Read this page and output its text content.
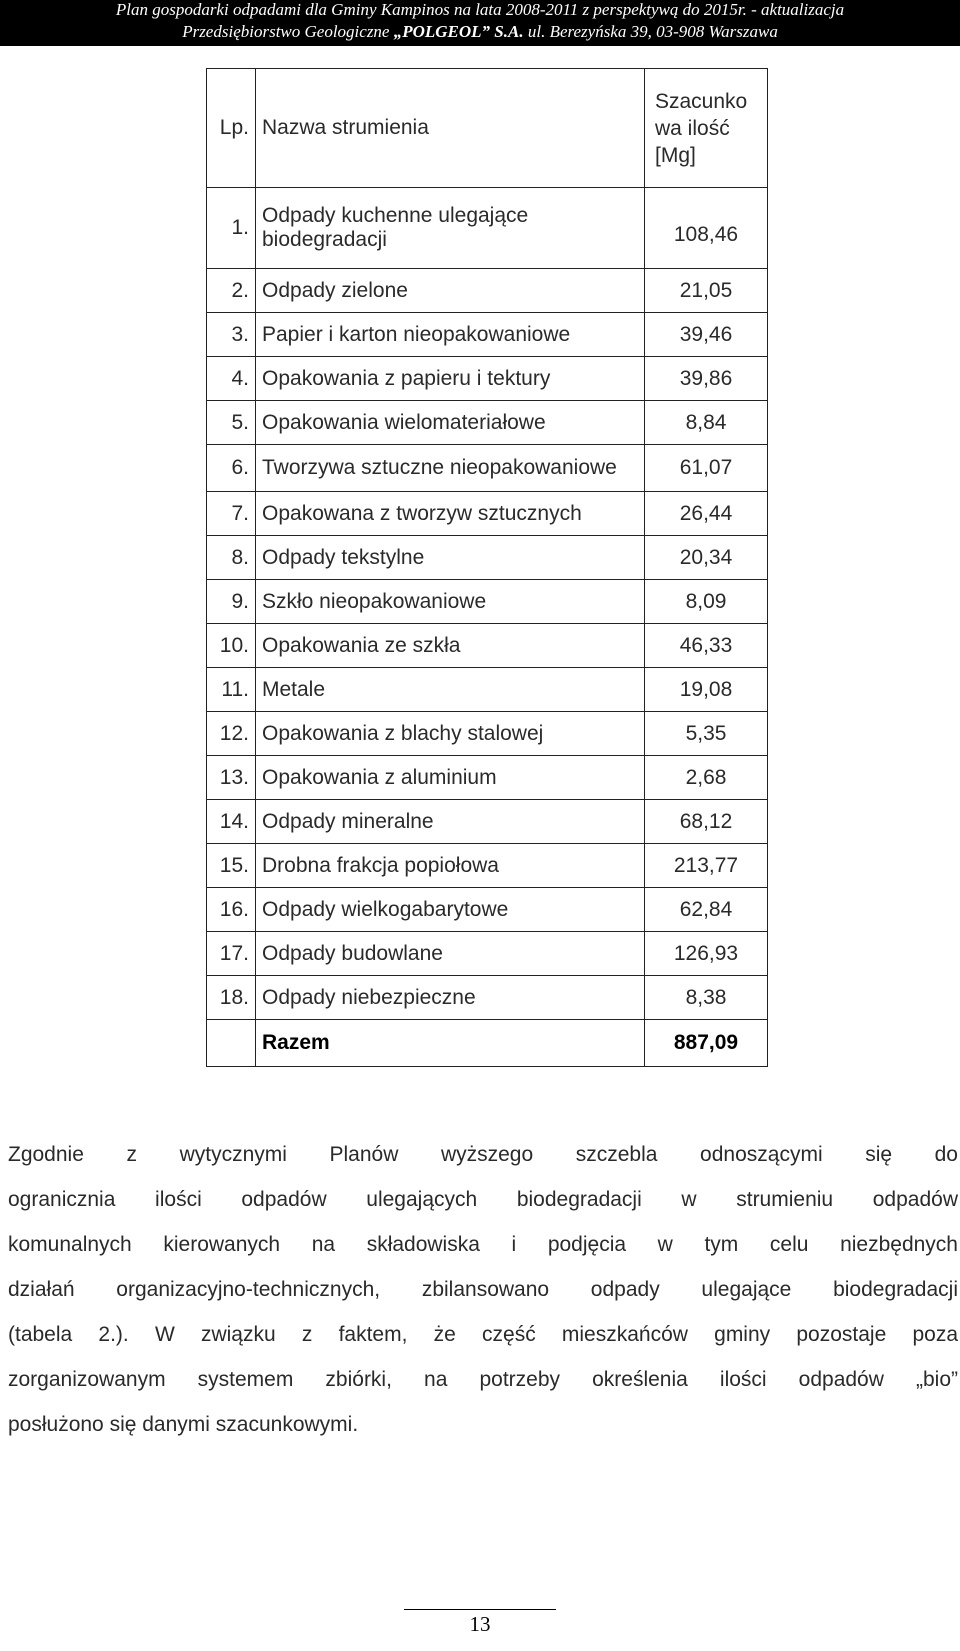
Plan gospodarki odpadami dla Gminy Kampinos na lata 2008-2011 z perspektywą do 2015r. - aktualizacja
Przedsiębiorstwo Geologiczne „POLGEOL” S.A. ul. Berezyńska 39, 03-908 Warszawa
Lp.	Nazwa strumienia	Szacunko wa ilość [Mg]
1.	Odpady kuchenne ulegające biodegradacji	108,46
2.	Odpady zielone	21,05
3.	Papier i karton nieopakowaniowe	39,46
4.	Opakowania z papieru i tektury	39,86
5.	Opakowania wielomateriałowe	8,84
6.	Tworzywa sztuczne nieopakowaniowe	61,07
7.	Opakowana z tworzyw sztucznych	26,44
8.	Odpady tekstylne	20,34
9.	Szkło nieopakowaniowe	8,09
10.	Opakowania ze szkła	46,33
11.	Metale	19,08
12.	Opakowania z blachy stalowej	5,35
13.	Opakowania z aluminium	2,68
14.	Odpady mineralne	68,12
15.	Drobna frakcja popiołowa	213,77
16.	Odpady wielkogabarytowe	62,84
17.	Odpady budowlane	126,93
18.	Odpady niebezpieczne	8,38
	Razem	887,09
Zgodnie z wytycznymi Planów wyższego szczebla odnoszącymi się do
ogranicznia ilości odpadów ulegających biodegradacji w strumieniu odpadów
komunalnych kierowanych na składowiska i podjęcia w tym celu niezbędnych
działań organizacyjno-technicznych, zbilansowano odpady ulegające biodegradacji
(tabela 2.). W związku z faktem, że część mieszkańców gminy pozostaje poza
zorganizowanym systemem zbiórki, na potrzeby określenia ilości odpadów „bio”
posłużono się danymi szacunkowymi.
13
